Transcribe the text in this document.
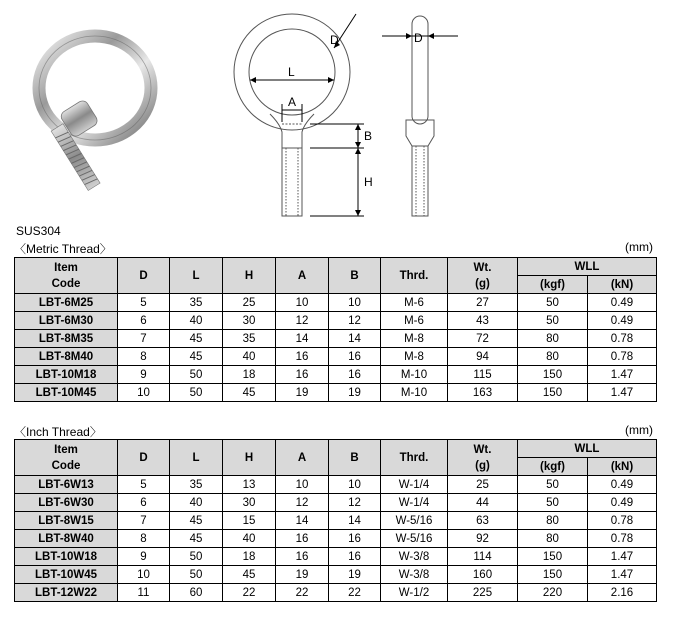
D
L
A
B
H
D
SUS304
〈Metric Thread〉	(mm)
Item
Code	D	L	H	A	B	Thrd.	Wt.
(g)	WLL	
								(kgf)	(kN)
LBT-6M25	5	35	25	10	10	M-6	27	50	0.49
LBT-6M30	6	40	30	12	12	M-6	43	50	0.49
LBT-8M35	7	45	35	14	14	M-8	72	80	0.78
LBT-8M40	8	45	40	16	16	M-8	94	80	0.78
LBT-10M18	9	50	18	16	16	M-10	115	150	1.47
LBT-10M45	10	50	45	19	19	M-10	163	150	1.47
〈Inch Thread〉	(mm)
Item
Code	D	L	H	A	B	Thrd.	Wt.
(g)	WLL	
								(kgf)	(kN)
LBT-6W13	5	35	13	10	10	W-1/4	25	50	0.49
LBT-6W30	6	40	30	12	12	W-1/4	44	50	0.49
LBT-8W15	7	45	15	14	14	W-5/16	63	80	0.78
LBT-8W40	8	45	40	16	16	W-5/16	92	80	0.78
LBT-10W18	9	50	18	16	16	W-3/8	114	150	1.47
LBT-10W45	10	50	45	19	19	W-3/8	160	150	1.47
LBT-12W22	11	60	22	22	22	W-1/2	225	220	2.16
